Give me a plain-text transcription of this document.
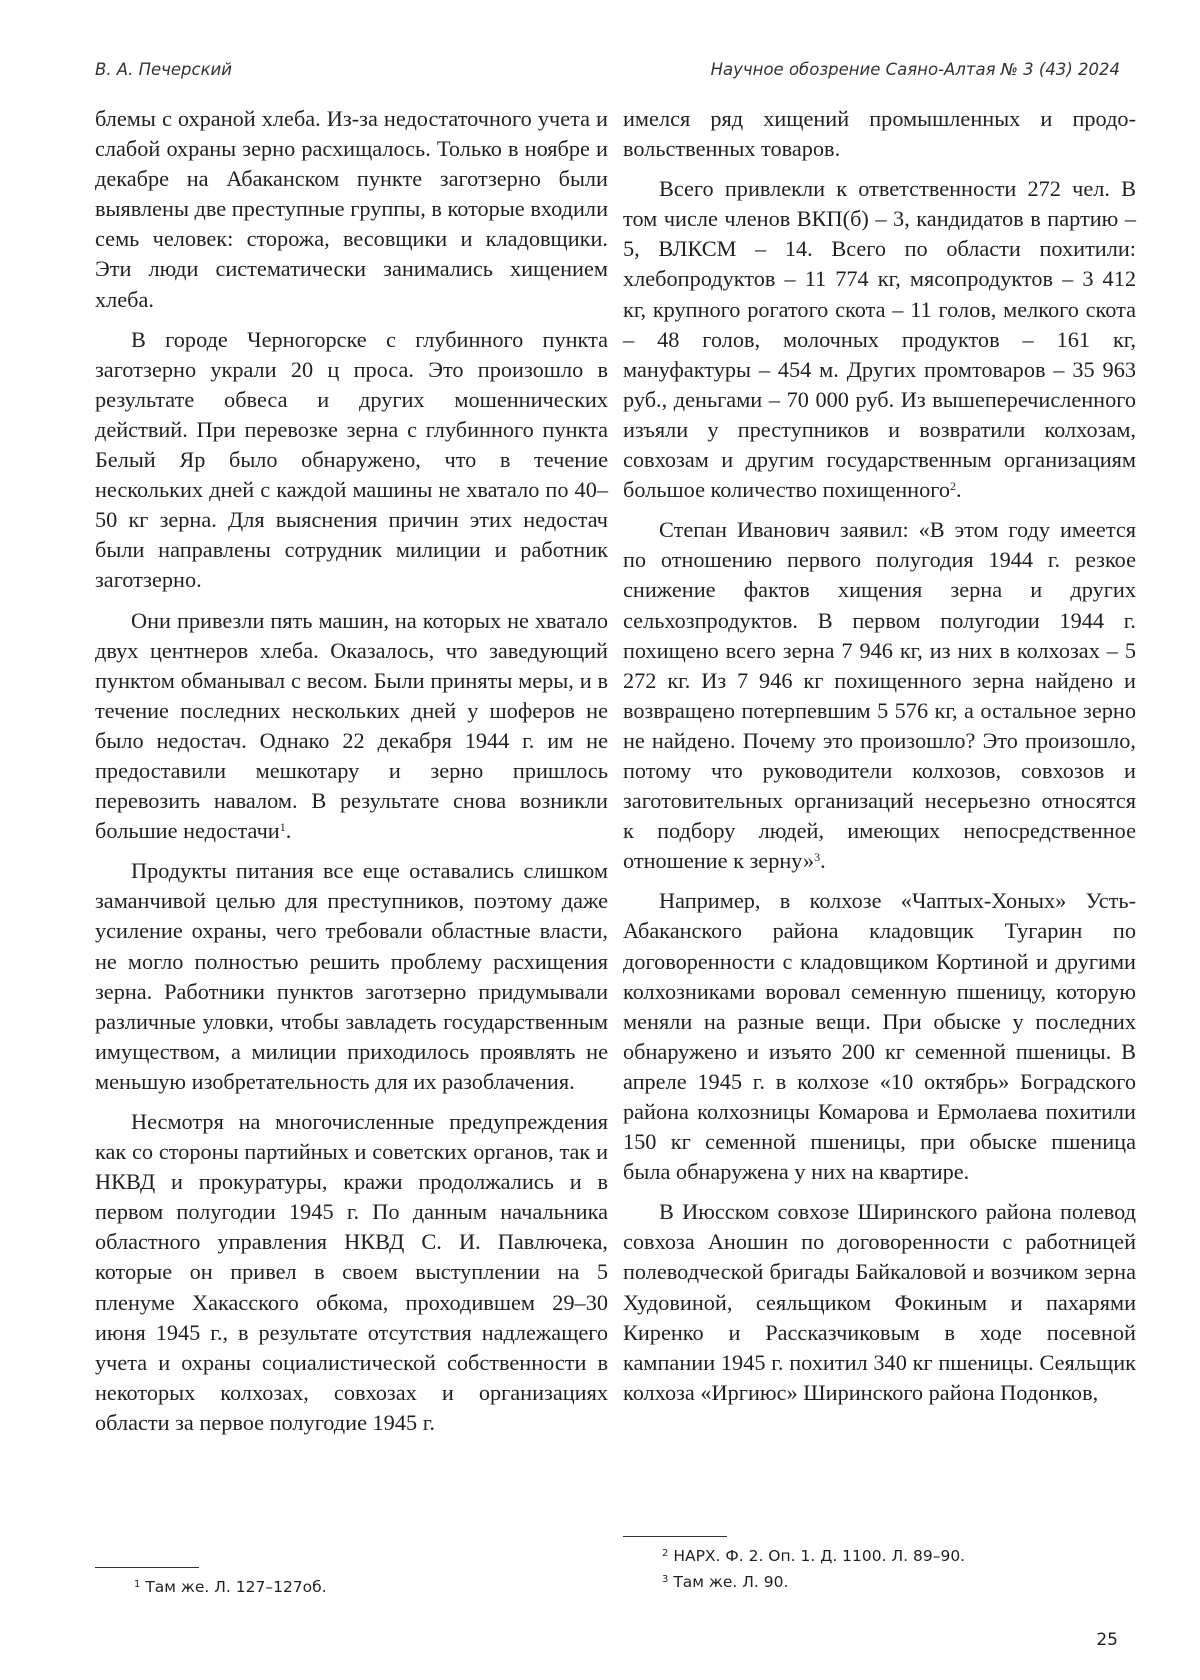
В. А. Печерский	Научное обозрение Саяно-Алтая № 3 (43) 2024

блемы с охраной хлеба. Из-за недостаточного учета и слабой охраны зерно расхищалось. Только в ноябре и декабре на Абаканском пункте заготзерно были выявлены две преступные группы, в которые входили семь человек: сторожа, весовщики и кладовщики. Эти люди систематически занимались хищением хлеба.

В городе Черногорске с глубинного пункта заготзерно украли 20 ц проса. Это произошло в результате обвеса и других мошеннических действий. При перевозке зерна с глубинного пункта Белый Яр было обнаружено, что в течение нескольких дней с каждой машины не хватало по 40–50 кг зерна. Для выяснения причин этих недостач были направлены сотрудник милиции и работник заготзерно.

Они привезли пять машин, на которых не хватало двух центнеров хлеба. Оказалось, что заведующий пунктом обманывал с весом. Были приняты меры, и в течение последних нескольких дней у шоферов не было недостач. Однако 22 декабря 1944 г. им не предоставили мешкотару и зерно пришлось перевозить навалом. В результате снова возникли большие недостачи$^1$.

Продукты питания все еще оставались слишком заманчивой целью для преступников, поэтому даже усиление охраны, чего требовали областные власти, не могло полностью решить проблему расхищения зерна. Работники пунктов заготзерно придумывали различные уловки, чтобы завладеть государственным имуществом, а милиции приходилось проявлять не меньшую изобретательность для их разоблачения.

Несмотря на многочисленные предупреждения как со стороны партийных и советских органов, так и НКВД и прокуратуры, кражи продолжались и в первом полугодии 1945 г. По данным начальника областного управления НКВД С. И. Павлючека, которые он привел в своем выступлении на 5 пленуме Хакасского обкома, проходившем 29–30 июня 1945 г., в результате отсутствия надлежащего учета и охраны социалистической собственности в некоторых колхозах, совхозах и организациях области за первое полугодие 1945 г.

имелся ряд хищений промышленных и продовольственных товаров.

Всего привлекли к ответственности 272 чел. В том числе членов ВКП(б) – 3, кандидатов в партию – 5, ВЛКСМ – 14. Всего по области похитили: хлебопродуктов – 11 774 кг, мясопродуктов – 3 412 кг, крупного рогатого скота – 11 голов, мелкого скота – 48 голов, молочных продуктов – 161 кг, мануфактуры – 454 м. Других промтоваров – 35 963 руб., деньгами – 70 000 руб. Из вышеперечисленного изъяли у преступников и возвратили колхозам, совхозам и другим государственным организациям большое количество похищенного$^2$.

Степан Иванович заявил: «В этом году имеется по отношению первого полугодия 1944 г. резкое снижение фактов хищения зерна и других сельхозпродуктов. В первом полугодии 1944 г. похищено всего зерна 7 946 кг, из них в колхозах – 5 272 кг. Из 7 946 кг похищенного зерна найдено и возвращено потерпевшим 5 576 кг, а остальное зерно не найдено. Почему это произошло? Это произошло, потому что руководители колхозов, совхозов и заготовительных организаций несерьезно относятся к подбору людей, имеющих непосредственное отношение к зерну»$^3$.

Например, в колхозе «Чаптых-Хоных» Усть-Абаканского района кладовщик Тугарин по договоренности с кладовщиком Кортиной и другими колхозниками воровал семенную пшеницу, которую меняли на разные вещи. При обыске у последних обнаружено и изъято 200 кг семенной пшеницы. В апреле 1945 г. в колхозе «10 октябрь» Боградского района колхозницы Комарова и Ермолаева похитили 150 кг семенной пшеницы, при обыске пшеница была обнаружена у них на квартире.

В Июсском совхозе Ширинского района полевод совхоза Аношин по договоренности с работницей полеводческой бригады Байкаловой и возчиком зерна Худовиной, сеяльщиком Фокиным и пахарями Киренко и Рассказчиковым в ходе посевной кампании 1945 г. похитил 340 кг пшеницы. Сеяльщик колхоза «Иргиюс» Ширинского района Подонков,

$^1$ Там же. Л. 127–127об.
$^2$ НАРХ. Ф. 2. Оп. 1. Д. 1100. Л. 89–90.
$^3$ Там же. Л. 90.
25
